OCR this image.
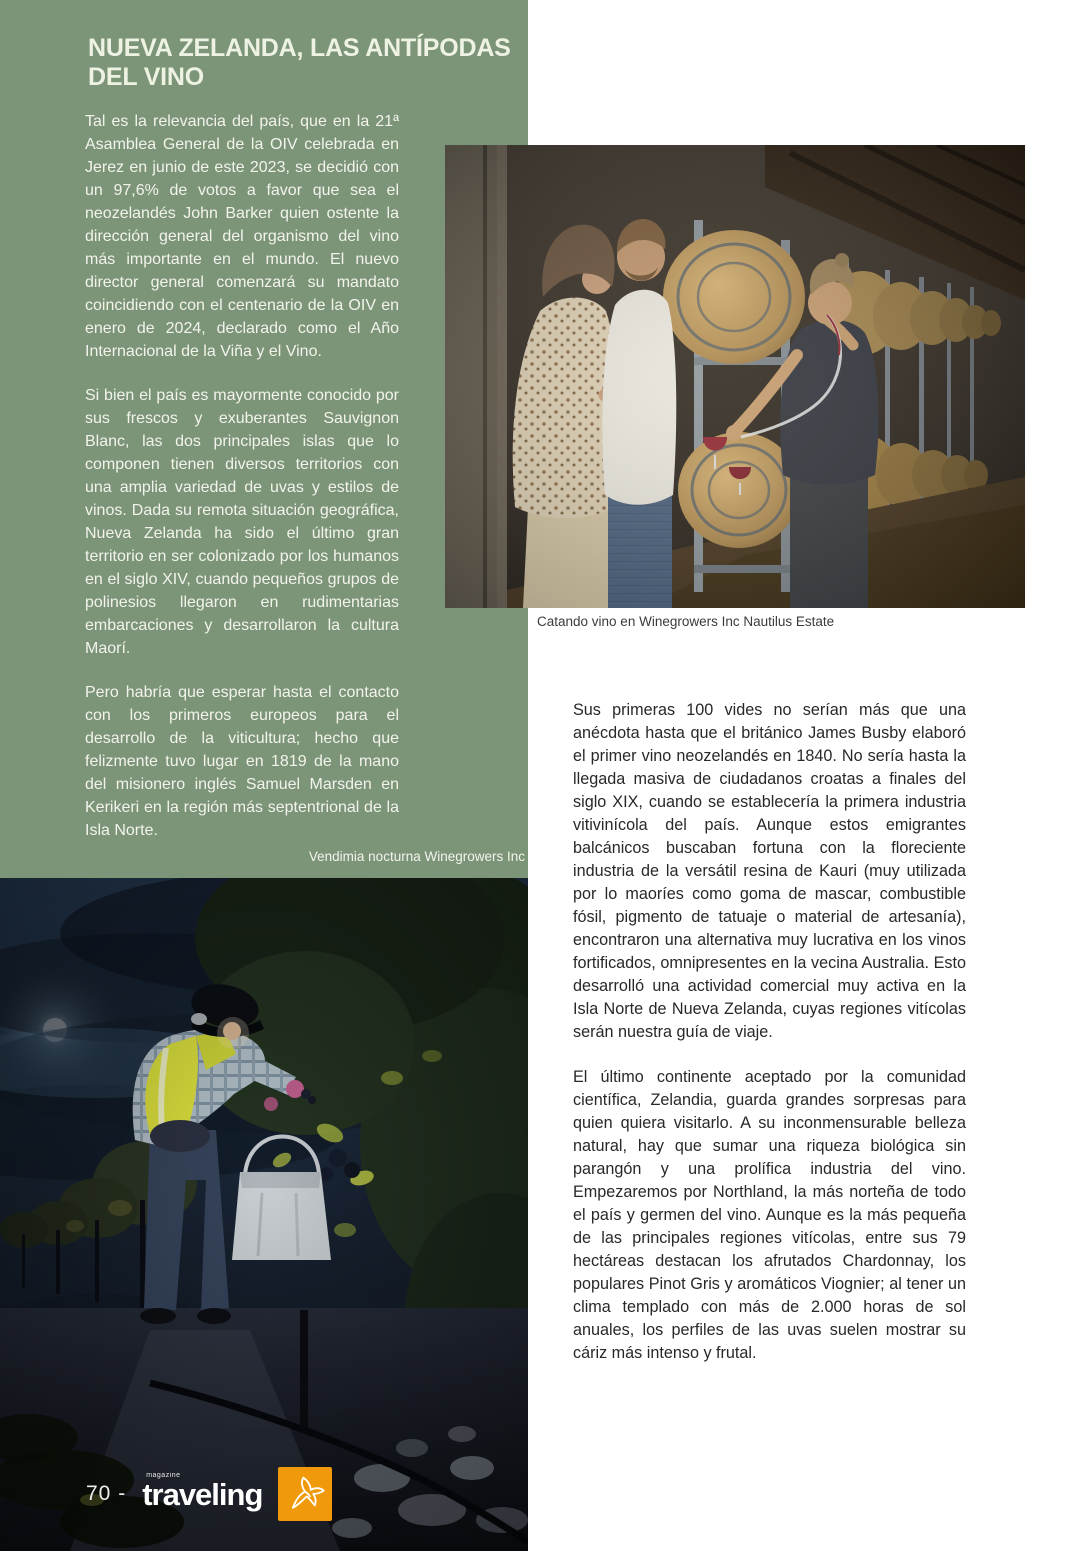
NUEVA ZELANDA, LAS ANTÍPODAS DEL VINO

Tal es la relevancia del país, que en la 21ª Asamblea General de la OIV celebrada en Jerez en junio de este 2023, se decidió con un 97,6% de votos a favor que sea el neozelandés John Barker quien ostente la dirección general del organismo del vino más importante en el mundo. El nuevo director general comenzará su mandato coincidiendo con el centenario de la OIV en enero de 2024, declarado como el Año Internacional de la Viña y el Vino.

Si bien el país es mayormente conocido por sus frescos y exuberantes Sauvignon Blanc, las dos principales islas que lo componen tienen diversos territorios con una amplia variedad de uvas y estilos de vinos. Dada su remota situación geográfica, Nueva Zelanda ha sido el último gran territorio en ser colonizado por los humanos en el siglo XIV, cuando pequeños grupos de polinesios llegaron en rudimentarias embarcaciones y desarrollaron la cultura Maorí.

Pero habría que esperar hasta el contacto con los primeros europeos para el desarrollo de la viticultura; hecho que felizmente tuvo lugar en 1819 de la mano del misionero inglés Samuel Marsden en Kerikeri en la región más septentrional de la Isla Norte.

Vendimia nocturna Winegrowers Inc
Catando vino en Winegrowers Inc Nautilus Estate

Sus primeras 100 vides no serían más que una anécdota hasta que el británico James Busby elaboró el primer vino neozelandés en 1840. No sería hasta la llegada masiva de ciudadanos croatas a finales del siglo XIX, cuando se establecería la primera industria vitivinícola del país. Aunque estos emigrantes balcánicos buscaban fortuna con la floreciente industria de la versátil resina de Kauri (muy utilizada por lo maoríes como goma de mascar, combustible fósil, pigmento de tatuaje o material de artesanía), encontraron una alternativa muy lucrativa en los vinos fortificados, omnipresentes en la vecina Australia. Esto desarrolló una actividad comercial muy activa en la Isla Norte de Nueva Zelanda, cuyas regiones vitícolas serán nuestra guía de viaje.

El último continente aceptado por la comunidad científica, Zelandia, guarda grandes sorpresas para quien quiera visitarlo. A su inconmensurable belleza natural, hay que sumar una riqueza biológica sin parangón y una prolífica industria del vino. Empezaremos por Northland, la más norteña de todo el país y germen del vino. Aunque es la más pequeña de las principales regiones vitícolas, entre sus 79 hectáreas destacan los afrutados Chardonnay, los populares Pinot Gris y aromáticos Viognier; al tener un clima templado con más de 2.000 horas de sol anuales, los perfiles de las uvas suelen mostrar su cáriz más intenso y frutal.

70 -
magazine
traveling
